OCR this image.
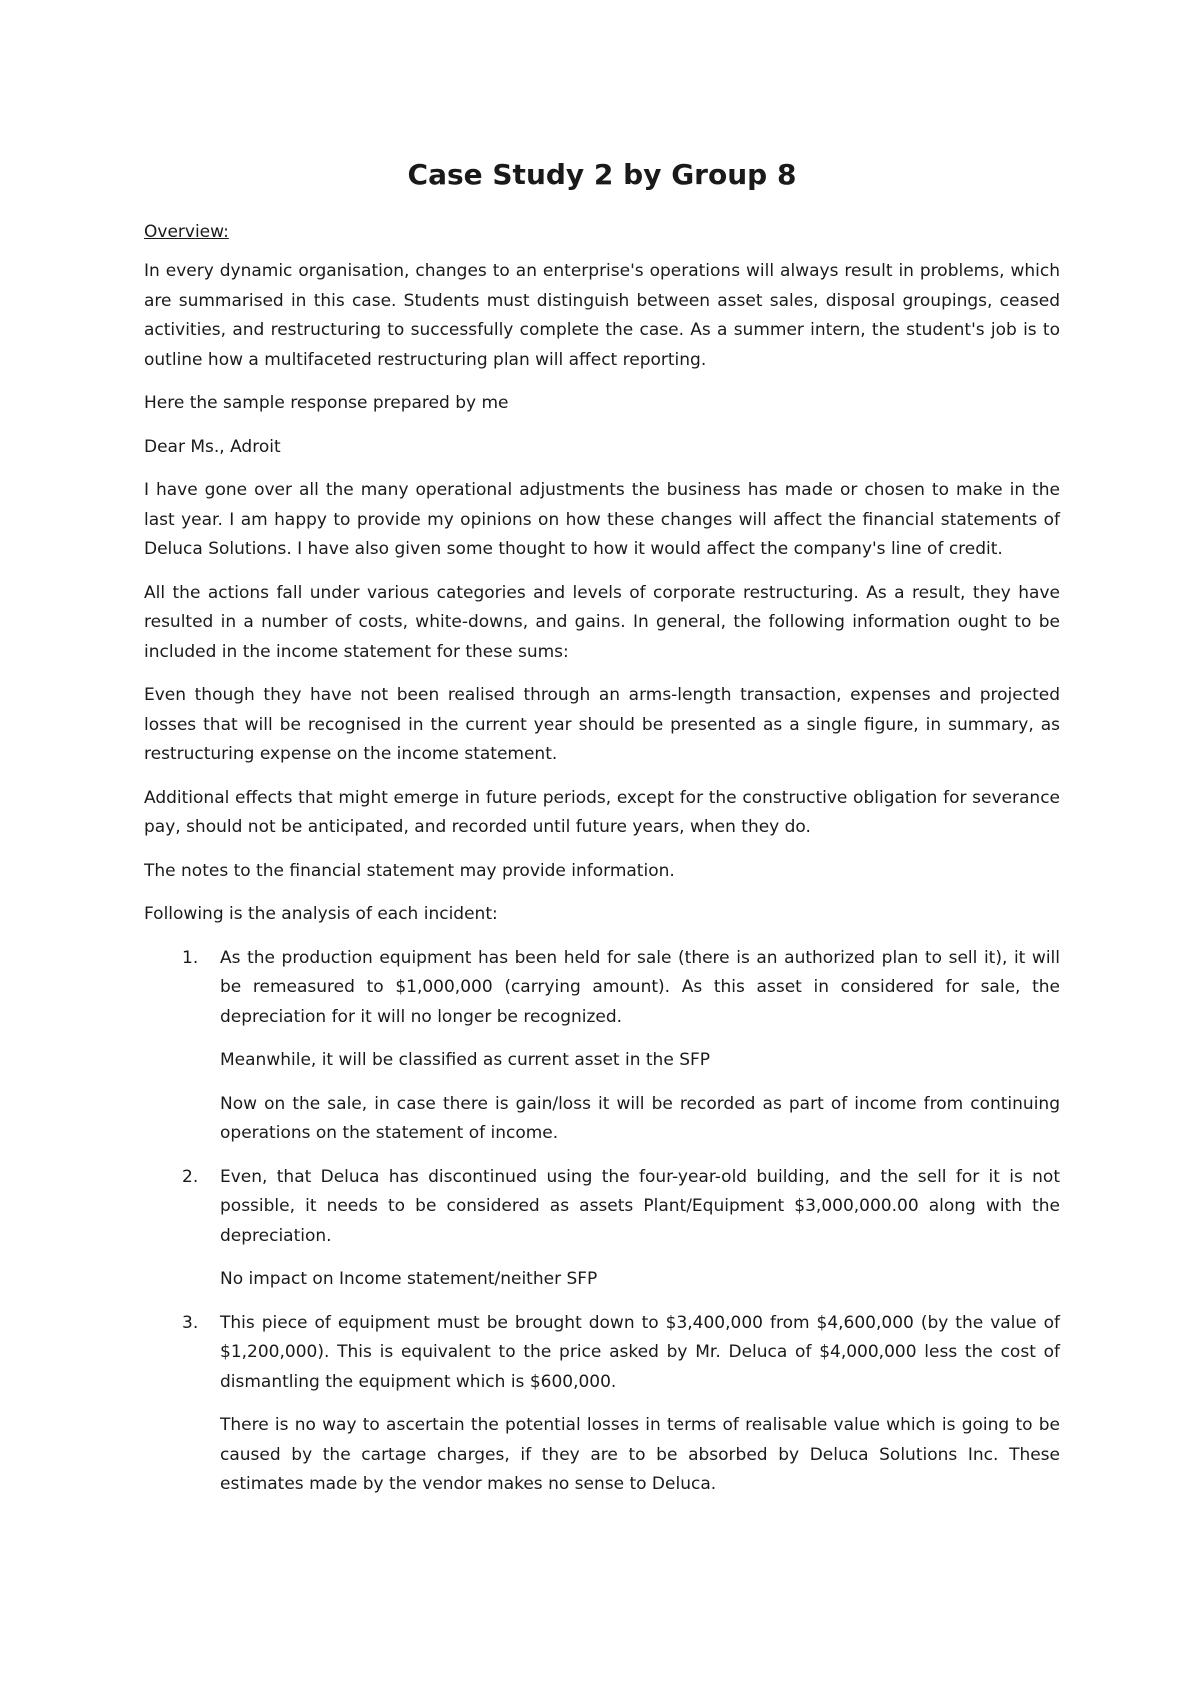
Case Study 2 by Group 8
Overview:

In every dynamic organisation, changes to an enterprise's operations will always result in problems, which are summarised in this case. Students must distinguish between asset sales, disposal groupings, ceased activities, and restructuring to successfully complete the case. As a summer intern, the student's job is to outline how a multifaceted restructuring plan will affect reporting.

Here the sample response prepared by me

Dear Ms., Adroit

I have gone over all the many operational adjustments the business has made or chosen to make in the last year. I am happy to provide my opinions on how these changes will affect the financial statements of Deluca Solutions. I have also given some thought to how it would affect the company's line of credit.

All the actions fall under various categories and levels of corporate restructuring. As a result, they have resulted in a number of costs, white-downs, and gains. In general, the following information ought to be included in the income statement for these sums:

Even though they have not been realised through an arms-length transaction, expenses and projected losses that will be recognised in the current year should be presented as a single figure, in summary, as restructuring expense on the income statement.

Additional effects that might emerge in future periods, except for the constructive obligation for severance pay, should not be anticipated, and recorded until future years, when they do.

The notes to the financial statement may provide information.

Following is the analysis of each incident:

1. As the production equipment has been held for sale (there is an authorized plan to sell it), it will be remeasured to $1,000,000 (carrying amount). As this asset in considered for sale, the depreciation for it will no longer be recognized.

Meanwhile, it will be classified as current asset in the SFP

Now on the sale, in case there is gain/loss it will be recorded as part of income from continuing operations on the statement of income.

2. Even, that Deluca has discontinued using the four-year-old building, and the sell for it is not possible, it needs to be considered as assets Plant/Equipment $3,000,000.00 along with the depreciation.

No impact on Income statement/neither SFP

3. This piece of equipment must be brought down to $3,400,000 from $4,600,000 (by the value of $1,200,000). This is equivalent to the price asked by Mr. Deluca of $4,000,000 less the cost of dismantling the equipment which is $600,000.

There is no way to ascertain the potential losses in terms of realisable value which is going to be caused by the cartage charges, if they are to be absorbed by Deluca Solutions Inc. These estimates made by the vendor makes no sense to Deluca.
